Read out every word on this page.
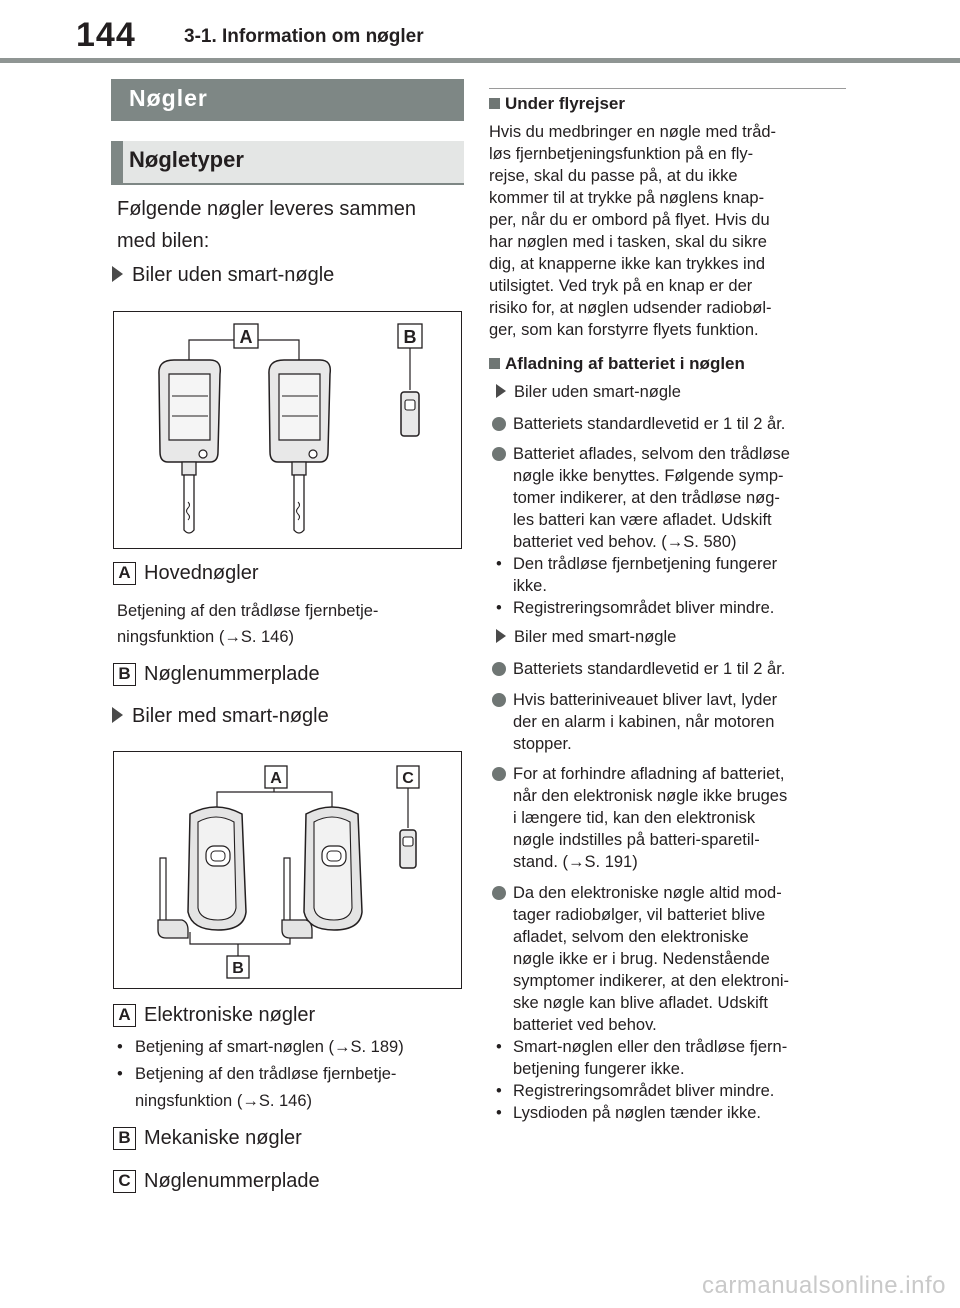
144	3-1. Information om nøgler
Nøgler
Nøgletyper
Følgende nøgler leveres sammen
med bilen:
Biler uden smart-nøgle
A	B
A Hovednøgler
Betjening af den trådløse fjernbetje-
ningsfunktion (→S. 146)
B Nøglenummerplade
Biler med smart-nøgle
A	C
B
A Elektroniske nøgler
• Betjening af smart-nøglen (→S. 189)
• Betjening af den trådløse fjernbetje-
ningsfunktion (→S. 146)
B Mekaniske nøgler
C Nøglenummerplade
Under flyrejser
Hvis du medbringer en nøgle med tråd-
løs fjernbetjeningsfunktion på en fly-
rejse, skal du passe på, at du ikke
kommer til at trykke på nøglens knap-
per, når du er ombord på flyet. Hvis du
har nøglen med i tasken, skal du sikre
dig, at knapperne ikke kan trykkes ind
utilsigtet. Ved tryk på en knap er der
risiko for, at nøglen udsender radiobøl-
ger, som kan forstyrre flyets funktion.
Afladning af batteriet i nøglen
Biler uden smart-nøgle
Batteriets standardlevetid er 1 til 2 år.
Batteriet aflades, selvom den trådløse
nøgle ikke benyttes. Følgende symp-
tomer indikerer, at den trådløse nøg-
les batteri kan være afladet. Udskift
batteriet ved behov. (→S. 580)
• Den trådløse fjernbetjening fungerer
ikke.
• Registreringsområdet bliver mindre.
Biler med smart-nøgle
Batteriets standardlevetid er 1 til 2 år.
Hvis batteriniveauet bliver lavt, lyder
der en alarm i kabinen, når motoren
stopper.
For at forhindre afladning af batteriet,
når den elektronisk nøgle ikke bruges
i længere tid, kan den elektronisk
nøgle indstilles på batteri-sparetil-
stand. (→S. 191)
Da den elektroniske nøgle altid mod-
tager radiobølger, vil batteriet blive
afladet, selvom den elektroniske
nøgle ikke er i brug. Nedenstående
symptomer indikerer, at den elektroni-
ske nøgle kan blive afladet. Udskift
batteriet ved behov.
• Smart-nøglen eller den trådløse fjern-
betjening fungerer ikke.
• Registreringsområdet bliver mindre.
• Lysdioden på nøglen tænder ikke.
carmanualsonline.info
